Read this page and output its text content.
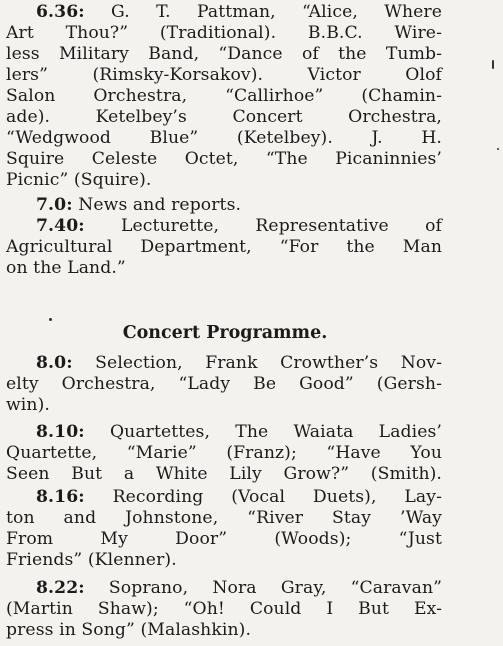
6.36: G. T. Pattman, “Alice, Where
Art Thou?” (Traditional). B.B.C. Wire-
less Military Band, “Dance of the Tumb-
lers” (Rimsky-Korsakov). Victor Olof
Salon Orchestra, “Callirhoe” (Chamin-
ade). Ketelbey’s Concert Orchestra,
“Wedgwood Blue” (Ketelbey). J. H.
Squire Celeste Octet, “The Picaninnies’
Picnic” (Squire).
7.0: News and reports.
7.40: Lecturette, Representative of
Agricultural Department, “For the Man
on the Land.”
Concert Programme.
8.0: Selection, Frank Crowther’s Nov-
elty Orchestra, “Lady Be Good” (Gersh-
win).
8.10: Quartettes, The Waiata Ladies’
Quartette, “Marie” (Franz); “Have You
Seen But a White Lily Grow?” (Smith).
8.16: Recording (Vocal Duets), Lay-
ton and Johnstone, “River Stay ’Way
From My Door” (Woods); “Just
Friends” (Klenner).
8.22: Soprano, Nora Gray, “Caravan”
(Martin Shaw); “Oh! Could I But Ex-
press in Song” (Malashkin).
